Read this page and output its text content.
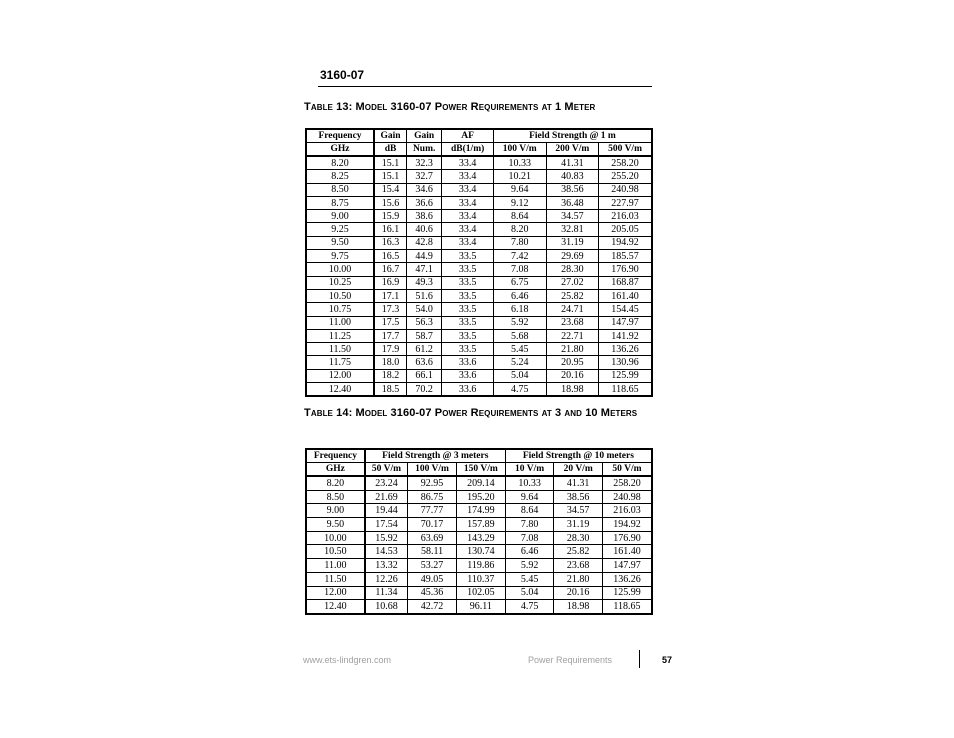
3160-07
Table 13: Model 3160-07 Power Requirements at 1 Meter
Frequency	Gain	Gain	AF	Field Strength @ 1 m		
GHz	dB	Num.	dB(1/m)	100 V/m	200 V/m	500 V/m
8.20	15.1	32.3	33.4	10.33	41.31	258.20
8.25	15.1	32.7	33.4	10.21	40.83	255.20
8.50	15.4	34.6	33.4	9.64	38.56	240.98
8.75	15.6	36.6	33.4	9.12	36.48	227.97
9.00	15.9	38.6	33.4	8.64	34.57	216.03
9.25	16.1	40.6	33.4	8.20	32.81	205.05
9.50	16.3	42.8	33.4	7.80	31.19	194.92
9.75	16.5	44.9	33.5	7.42	29.69	185.57
10.00	16.7	47.1	33.5	7.08	28.30	176.90
10.25	16.9	49.3	33.5	6.75	27.02	168.87
10.50	17.1	51.6	33.5	6.46	25.82	161.40
10.75	17.3	54.0	33.5	6.18	24.71	154.45
11.00	17.5	56.3	33.5	5.92	23.68	147.97
11.25	17.7	58.7	33.5	5.68	22.71	141.92
11.50	17.9	61.2	33.5	5.45	21.80	136.26
11.75	18.0	63.6	33.6	5.24	20.95	130.96
12.00	18.2	66.1	33.6	5.04	20.16	125.99
12.40	18.5	70.2	33.6	4.75	18.98	118.65
Table 14: Model 3160-07 Power Requirements at 3 and 10 Meters
Frequency	Field Strength @ 3 meters			Field Strength @ 10 meters		
GHz	50 V/m	100 V/m	150 V/m	10 V/m	20 V/m	50 V/m
8.20	23.24	92.95	209.14	10.33	41.31	258.20
8.50	21.69	86.75	195.20	9.64	38.56	240.98
9.00	19.44	77.77	174.99	8.64	34.57	216.03
9.50	17.54	70.17	157.89	7.80	31.19	194.92
10.00	15.92	63.69	143.29	7.08	28.30	176.90
10.50	14.53	58.11	130.74	6.46	25.82	161.40
11.00	13.32	53.27	119.86	5.92	23.68	147.97
11.50	12.26	49.05	110.37	5.45	21.80	136.26
12.00	11.34	45.36	102.05	5.04	20.16	125.99
12.40	10.68	42.72	96.11	4.75	18.98	118.65
www.ets-lindgren.com	Power Requirements	57
